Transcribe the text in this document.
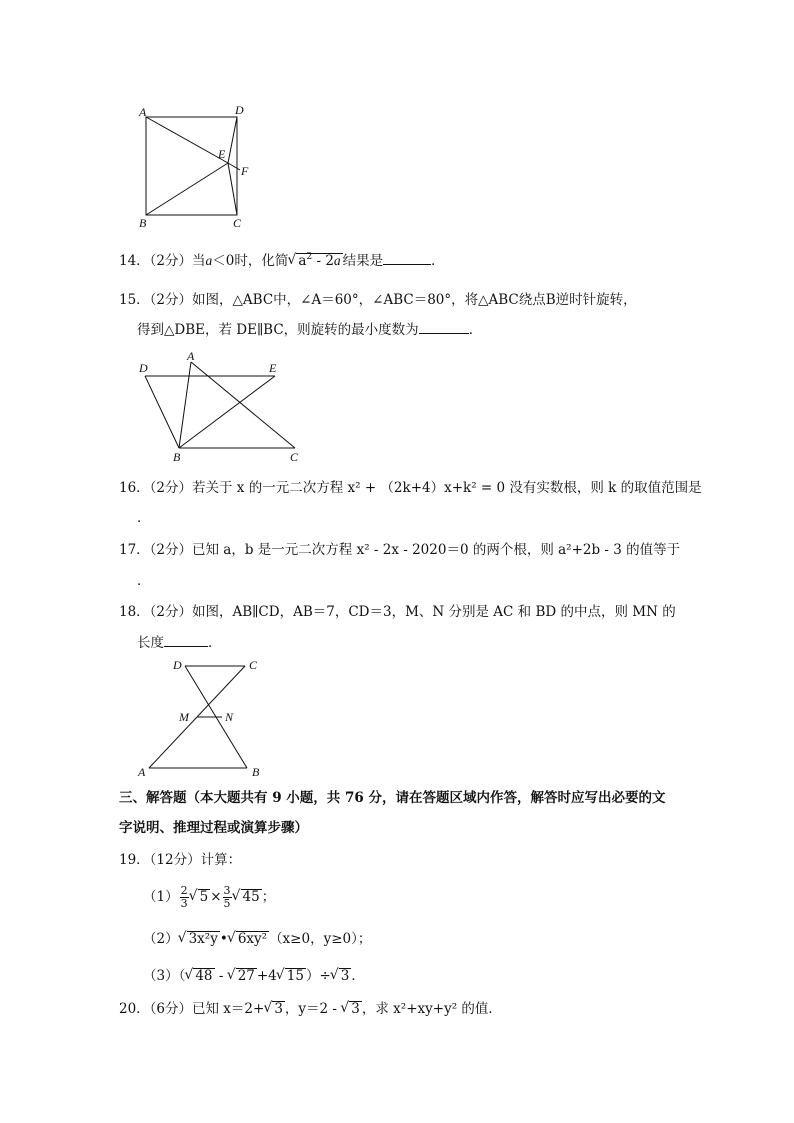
A	D
E
F
B	C
14．（2分）当a＜0时，化简 √ $a^2 - 2a$ 结果是	．
15．（2分）如图，△ABC中，∠A＝60°，∠ABC＝80°，将△ABC绕点B逆时针旋转，
得到△DBE，若 DE∥BC，则旋转的最小度数为	．
D
A
E
B	C
16．（2分）若关于 x 的一元二次方程 x² + （2k+4）x+k² = 0 没有实数根，则 k 的取值范围是
．
17．（2分）已知 a，b 是一元二次方程 x² - 2x - 2020＝0 的两个根，则 a²+2b - 3 的值等于
．
18．（2分）如图，AB∥CD，AB＝7，CD＝3，M、N 分别是 AC 和 BD 的中点，则 MN 的
长度	．
D	C
M	N
A	B
三、解答题（本大题共有 9 小题，共 76 分，请在答题区域内作答，解答时应写出必要的文
字说明、推理过程或演算步骤）
19．（12分）计算：
$(1) \frac{2}{3}$ √ $5 \times \frac{3}{5}$ √ 45 ；
（2） √ 3x²y • √ 6xy² （x≥0，y≥0）；
（3）（ √ 48 - √ 27 +4 √ 15 ）÷ √ 3 ．
20．（6分）已知 x＝2+ √ 3 ，y＝2 - √ 3 ，求 x²+xy+y² 的值．
